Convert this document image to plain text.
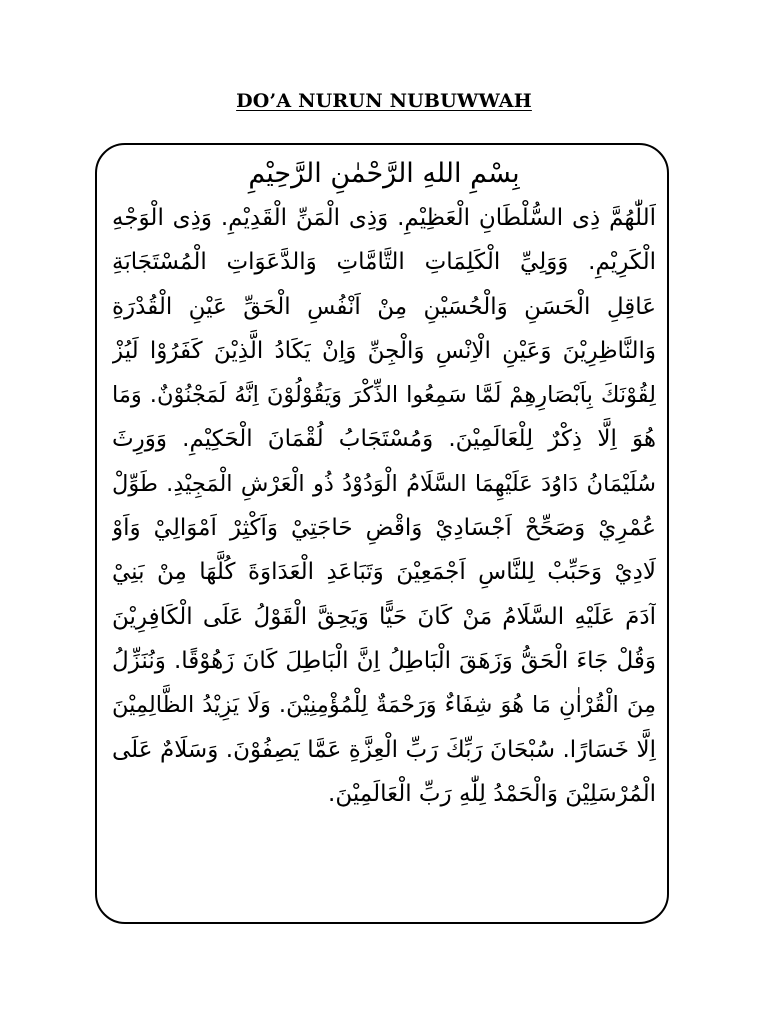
DO’A NURUN NUBUWWAH
بِسْمِ اللهِ الرَّحْمٰنِ الرَّحِيْمِ
اَللّٰهُمَّ ذِى السُّلْطَانِ الْعَظِيْمِ. وَذِى الْمَنِّ الْقَدِيْمِ. وَذِى الْوَجْهِ
الْكَرِيْمِ. وَوَلِيِّ الْكَلِمَاتِ التَّامَّاتِ وَالدَّعَوَاتِ الْمُسْتَجَابَةِ
عَاقِلِ الْحَسَنِ وَالْحُسَيْنِ مِنْ اَنْفُسِ الْحَقِّ عَيْنِ الْقُدْرَةِ
وَالنَّاظِرِيْنَ وَعَيْنِ الْاِنْسِ وَالْجِنِّ وَاِنْ يَكَادُ الَّذِيْنَ كَفَرُوْا لَيُزْ
لِقُوْنَكَ بِاَبْصَارِهِمْ لَمَّا سَمِعُوا الذِّكْرَ وَيَقُوْلُوْنَ اِنَّهُ لَمَجْنُوْنٌ. وَمَا
هُوَ اِلَّا ذِكْرٌ لِلْعَالَمِيْنَ. وَمُسْتَجَابُ لُقْمَانَ الْحَكِيْمِ. وَوَرِثَ
سُلَيْمَانُ دَاوُدَ عَلَيْهِمَا السَّلَامُ الْوَدُوْدُ ذُو الْعَرْشِ الْمَجِيْدِ. طَوِّلْ
عُمْرِيْ وَصَحِّحْ اَجْسَادِيْ وَاقْضِ حَاجَتِيْ وَاَكْثِرْ اَمْوَالِيْ وَاَوْ
لَادِيْ وَحَبِّبْ لِلنَّاسِ اَجْمَعِيْنَ وَتَبَاعَدِ الْعَدَاوَةَ كُلَّهَا مِنْ بَنِيْ
آدَمَ عَلَيْهِ السَّلَامُ مَنْ كَانَ حَيًّا وَيَحِقَّ الْقَوْلُ عَلَى الْكَافِرِيْنَ
وَقُلْ جَاءَ الْحَقُّ وَزَهَقَ الْبَاطِلُ اِنَّ الْبَاطِلَ كَانَ زَهُوْقًا. وَنُنَزِّلُ
مِنَ الْقُرْاٰنِ مَا هُوَ شِفَاءٌ وَرَحْمَةٌ لِلْمُؤْمِنِيْنَ. وَلَا يَزِيْدُ الظَّالِمِيْنَ
اِلَّا خَسَارًا. سُبْحَانَ رَبِّكَ رَبِّ الْعِزَّةِ عَمَّا يَصِفُوْنَ. وَسَلَامٌ عَلَى
الْمُرْسَلِيْنَ وَالْحَمْدُ لِلّٰهِ رَبِّ الْعَالَمِيْنَ.
